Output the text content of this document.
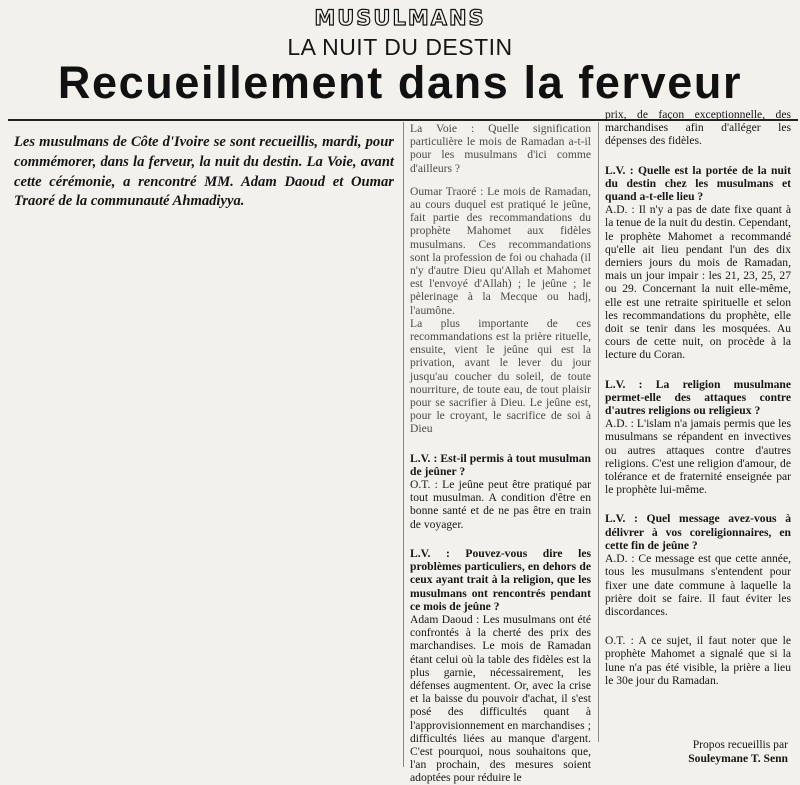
MUSULMANS
LA NUIT DU DESTIN
Recueillement dans la ferveur
Les musulmans de Côte d'Ivoire se sont recueillis, mardi, pour commémorer, dans la ferveur, la nuit du destin. La Voie, avant cette cérémonie, a rencontré MM. Adam Daoud et Oumar Traoré de la communauté Ahmadiyya.

La Voie : Quelle signification particulière le mois de Ramadan a-t-il pour les musulmans d'ici comme d'ailleurs ?

Oumar Traoré : Le mois de Ramadan, au cours duquel est pratiqué le jeûne, fait partie des recommandations du prophète Mahomet aux fidèles musulmans. Ces recommandations sont la profession de foi ou chahada (il n'y d'autre Dieu qu'Allah et Mahomet est l'envoyé d'Allah) ; le jeûne ; le pèlerinage à la Mecque ou hadj, l'aumône.

La plus importante de ces recommandations est la prière rituelle, ensuite, vient le jeûne qui est la privation, avant le lever du jour jusqu'au coucher du soleil, de toute nourriture, de toute eau, de tout plaisir pour se sacrifier à Dieu. Le jeûne est, pour le croyant, le sacrifice de soi à Dieu

L.V. : Est-il permis à tout musulman de jeûner ?

O.T. : Le jeûne peut être pratiqué par tout musulman. A condition d'être en bonne santé et de ne pas être en train de voyager.

L.V. : Pouvez-vous dire les problèmes particuliers, en dehors de ceux ayant trait à la religion, que les musulmans ont rencontrés pendant ce mois de jeûne ?

Adam Daoud : Les musulmans ont été confrontés à la cherté des prix des marchandises. Le mois de Ramadan étant celui où la table des fidèles est la plus garnie, nécessairement, les défenses augmentent. Or, avec la crise et la baisse du pouvoir d'achat, il s'est posé des difficultés quant à l'approvisionnement en marchandises ; difficultés liées au manque d'argent. C'est pourquoi, nous souhaitons que, l'an prochain, des mesures soient adoptées pour réduire le

prix, de façon exceptionnelle, des marchandises afin d'alléger les dépenses des fidèles.

L.V. : Quelle est la portée de la nuit du destin chez les musulmans et quand a-t-elle lieu ?

A.D. : Il n'y a pas de date fixe quant à la tenue de la nuit du destin. Cependant, le prophète Mahomet a recommandé qu'elle ait lieu pendant l'un des dix derniers jours du mois de Ramadan, mais un jour impair : les 21, 23, 25, 27 ou 29. Concernant la nuit elle-même, elle est une retraite spirituelle et selon les recommandations du prophète, elle doit se tenir dans les mosquées. Au cours de cette nuit, on procède à la lecture du Coran.

L.V. : La religion musulmane permet-elle des attaques contre d'autres religions ou religieux ?

A.D. : L'islam n'a jamais permis que les musulmans se répandent en invectives ou autres attaques contre d'autres religions. C'est une religion d'amour, de tolérance et de fraternité enseignée par le prophète lui-même.

L.V. : Quel message avez-vous à délivrer à vos coreligionnaires, en cette fin de jeûne ?

A.D. : Ce message est que cette année, tous les musulmans s'entendent pour fixer une date commune à laquelle la prière doit se faire. Il faut éviter les discordances.

O.T. : A ce sujet, il faut noter que le prophète Mahomet a signalé que si la lune n'a pas été visible, la prière a lieu le 30e jour du Ramadan.

Propos recueillis par
Souleymane T. Senn
